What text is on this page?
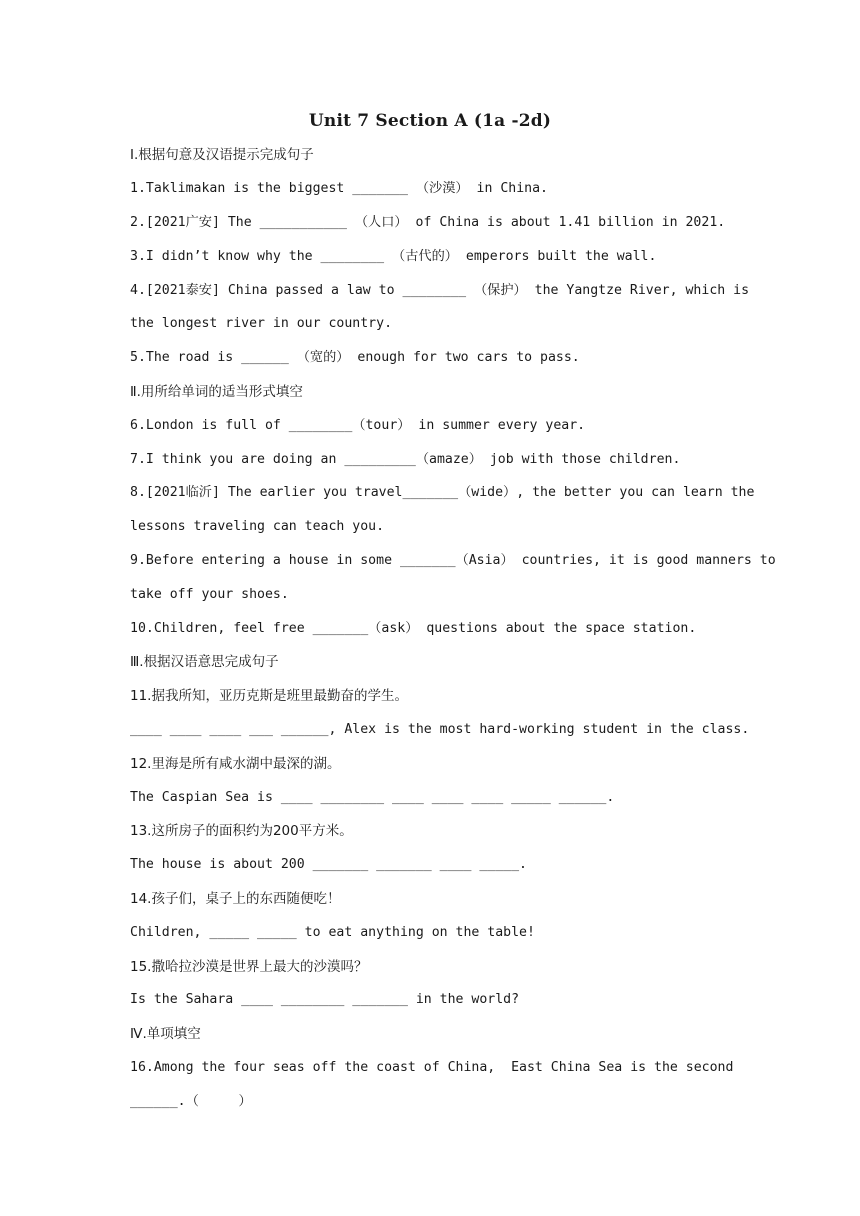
Unit 7 Section A (1a -2d)
Ⅰ.根据句意及汉语提示完成句子
1.Taklimakan is the biggest _______ （沙漠） in China.
2.[2021广安] The ___________ （人口） of China is about 1.41 billion in 2021.
3.I didn’t know why the ________ （古代的） emperors built the wall.
4.[2021泰安] China passed a law to ________ （保护） the Yangtze River, which is
the longest river in our country.
5.The road is ______ （宽的） enough for two cars to pass.
Ⅱ.用所给单词的适当形式填空
6.London is full of ________（tour） in summer every year.
7.I think you are doing an _________（amaze） job with those children.
8.[2021临沂] The earlier you travel_______（wide）, the better you can learn the
lessons traveling can teach you.
9.Before entering a house in some _______（Asia） countries, it is good manners to
take off your shoes.
10.Children, feel free _______（ask） questions about the space station.
Ⅲ.根据汉语意思完成句子
11.据我所知，亚历克斯是班里最勤奋的学生。
____ ____ ____ ___ ______, Alex is the most hard-working student in the class.
12.里海是所有咸水湖中最深的湖。
The Caspian Sea is ____ ________ ____ ____ ____ _____ ______.
13.这所房子的面积约为200平方米。
The house is about 200 _______ _______ ____ _____.
14.孩子们，桌子上的东西随便吃！
Children, _____ _____ to eat anything on the table!
15.撒哈拉沙漠是世界上最大的沙漠吗？
Is the Sahara ____ ________ _______ in the world?
Ⅳ.单项填空
16.Among the four seas off the coast of China,  East China Sea is the second
______.（     ）
